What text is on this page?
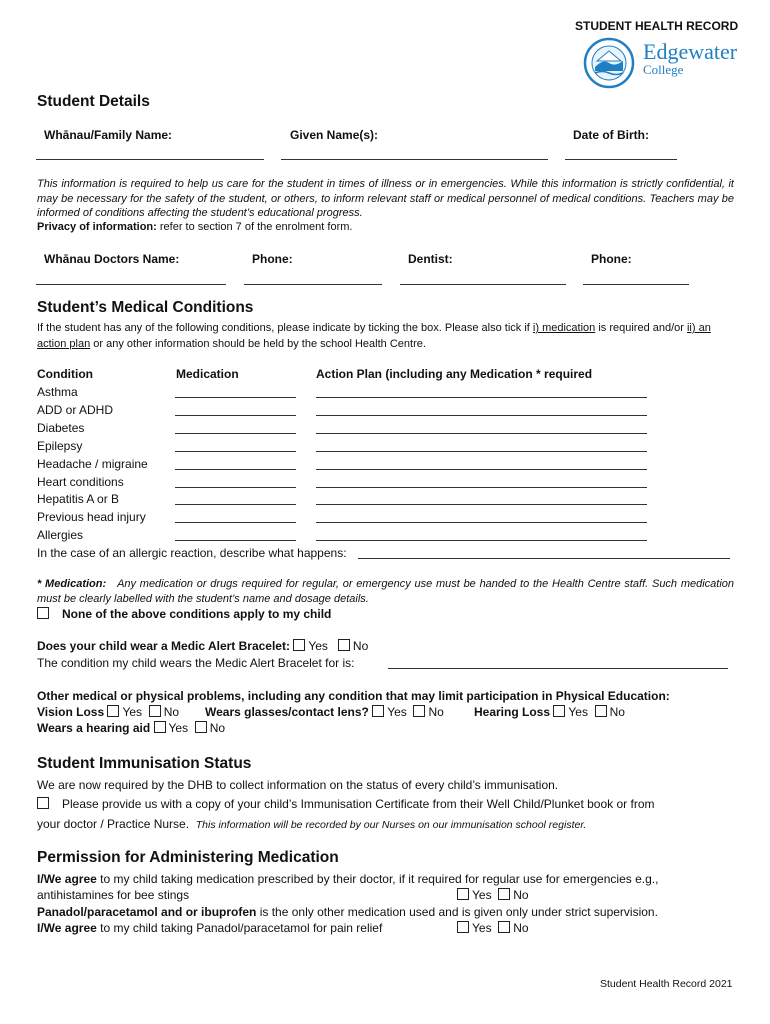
STUDENT HEALTH RECORD
Edgewater
College
Student Details
Whānau/Family Name:	Given Name(s):	Date of Birth:
This information is required to help us care for the student in times of illness or in emergencies. While this information is strictly confidential, it may be necessary for the safety of the student, or others, to inform relevant staff or medical personnel of medical conditions. Teachers may be informed of conditions affecting the student’s educational progress.
Privacy of information: refer to section 7 of the enrolment form.
Whānau Doctors Name:	Phone:	Dentist:	Phone:
Student’s Medical Conditions
If the student has any of the following conditions, please indicate by ticking the box. Please also tick if i) medication is required and/or ii) an action plan or any other information should be held by the school Health Centre.
Condition	Medication	Action Plan (including any Medication * required
Asthma
ADD or ADHD
Diabetes
Epilepsy
Headache / migraine
Heart conditions
Hepatitis A or B
Previous head injury
Allergies
In the case of an allergic reaction, describe what happens:
* Medication: Any medication or drugs required for regular, or emergency use must be handed to the Health Centre staff. Such medication must be clearly labelled with the student’s name and dosage details.
None of the above conditions apply to my child
Does your child wear a Medic Alert Bracelet: Yes No
The condition my child wears the Medic Alert Bracelet for is:
Other medical or physical problems, including any condition that may limit participation in Physical Education:
Vision Loss Yes No Wears glasses/contact lens? Yes No	Hearing Loss Yes No
Wears a hearing aid Yes No
Student Immunisation Status
We are now required by the DHB to collect information on the status of every child’s immunisation.
Please provide us with a copy of your child’s Immunisation Certificate from their Well Child/Plunket book or from
your doctor / Practice Nurse. This information will be recorded by our Nurses on our immunisation school register.
Permission for Administering Medication
I/We agree to my child taking medication prescribed by their doctor, if it required for regular use for emergencies e.g.,
antihistamines for bee stings	Yes No
Panadol/paracetamol and or ibuprofen is the only other medication used and is given only under strict supervision.
I/We agree to my child taking Panadol/paracetamol for pain relief	Yes No
Student Health Record 2021
